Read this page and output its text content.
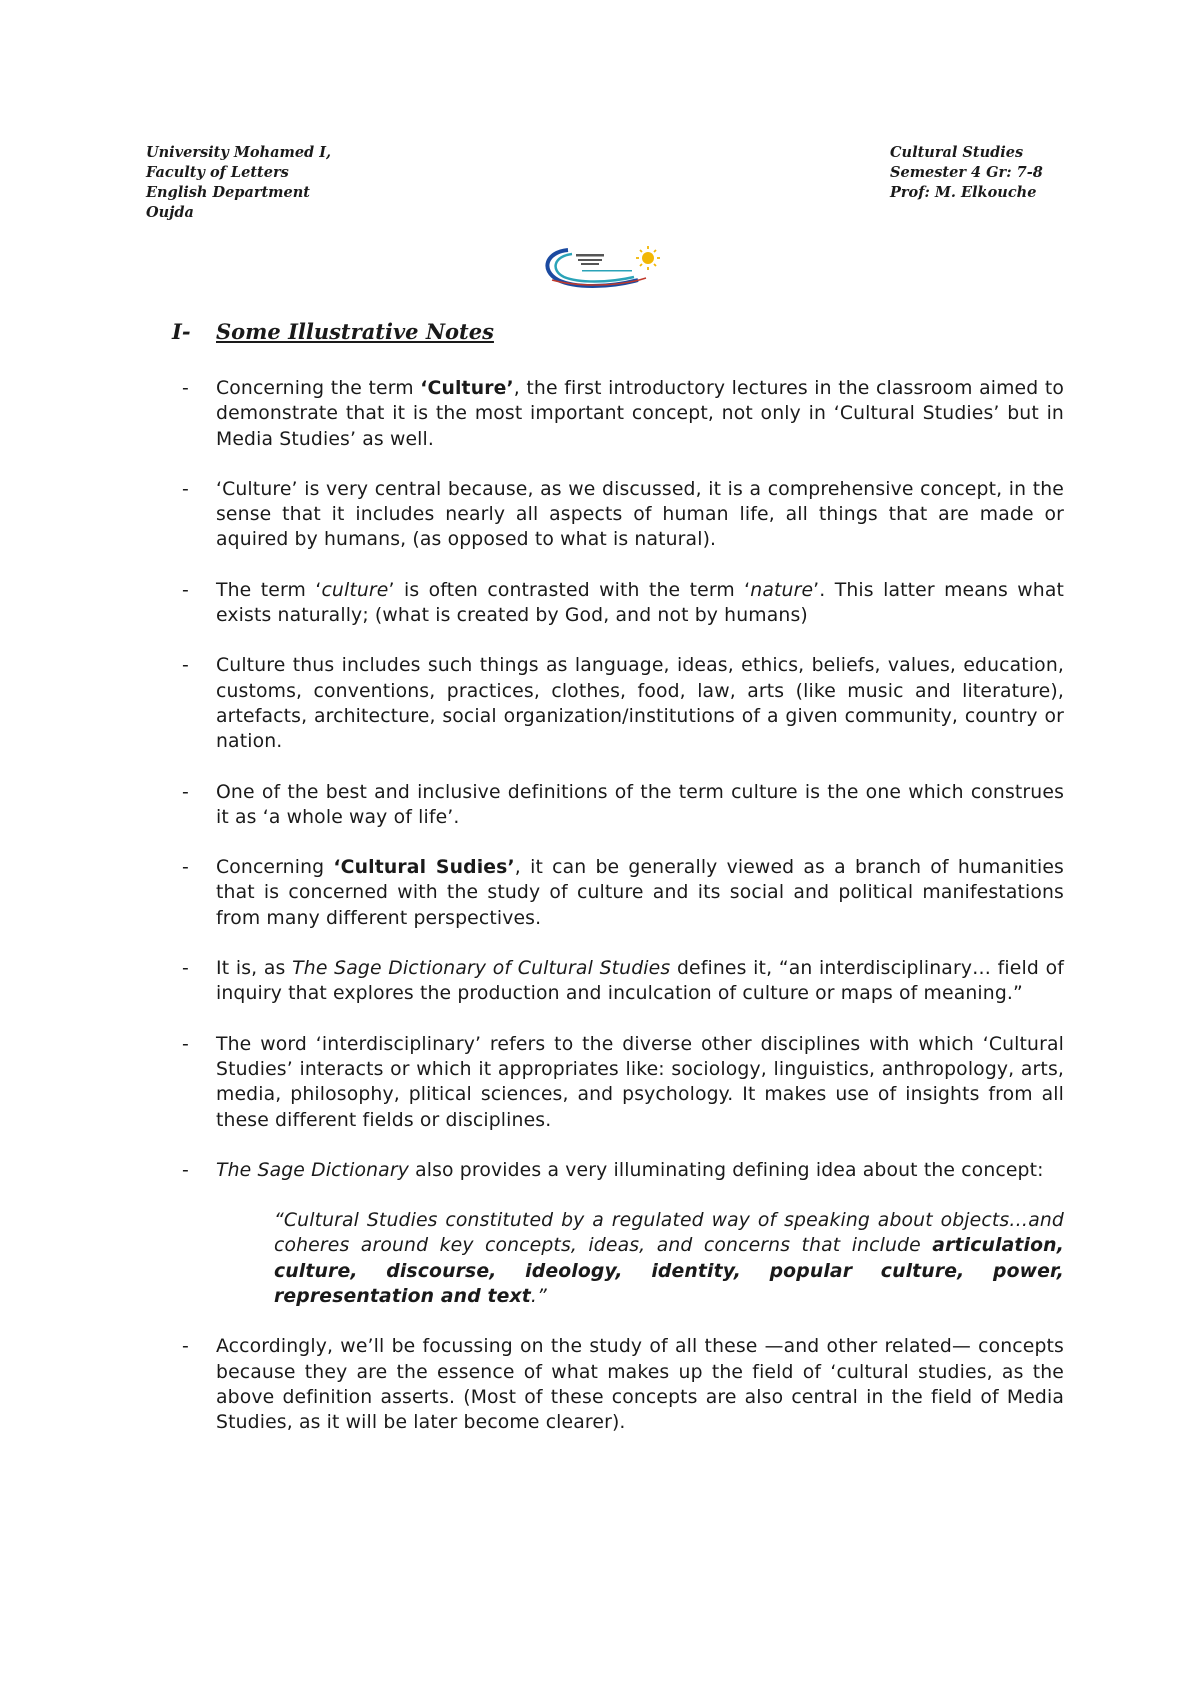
University Mohamed I,
Faculty of Letters
English Department
Oujda
Cultural Studies
Semester 4 Gr: 7-8
Prof: M. Elkouche
I- Some Illustrative Notes
- Concerning the term ‘Culture’, the first introductory lectures in the classroom aimed to demonstrate that it is the most important concept, not only in ‘Cultural Studies’ but in Media Studies’ as well.
- ‘Culture’ is very central because, as we discussed, it is a comprehensive concept, in the sense that it includes nearly all aspects of human life, all things that are made or aquired by humans, (as opposed to what is natural).
- The term ‘culture’ is often contrasted with the term ‘nature’. This latter means what exists naturally; (what is created by God, and not by humans)
- Culture thus includes such things as language, ideas, ethics, beliefs, values, education, customs, conventions, practices, clothes, food, law, arts (like music and literature), artefacts, architecture, social organization/institutions of a given community, country or nation.
- One of the best and inclusive definitions of the term culture is the one which construes it as ‘a whole way of life’.
- Concerning ‘Cultural Sudies’, it can be generally viewed as a branch of humanities that is concerned with the study of culture and its social and political manifestations from many different perspectives.
- It is, as The Sage Dictionary of Cultural Studies defines it, “an interdisciplinary… field of inquiry that explores the production and inculcation of culture or maps of meaning.”
- The word ‘interdisciplinary’ refers to the diverse other disciplines with which ‘Cultural Studies’ interacts or which it appropriates like: sociology, linguistics, anthropology, arts, media, philosophy, plitical sciences, and psychology. It makes use of insights from all these different fields or disciplines.
- The Sage Dictionary also provides a very illuminating defining idea about the concept:
“Cultural Studies constituted by a regulated way of speaking about objects…and coheres around key concepts, ideas, and concerns that include articulation, culture, discourse, ideology, identity, popular culture, power, representation and text.”
- Accordingly, we’ll be focussing on the study of all these —and other related— concepts because they are the essence of what makes up the field of ‘cultural studies, as the above definition asserts. (Most of these concepts are also central in the field of Media Studies, as it will be later become clearer).
